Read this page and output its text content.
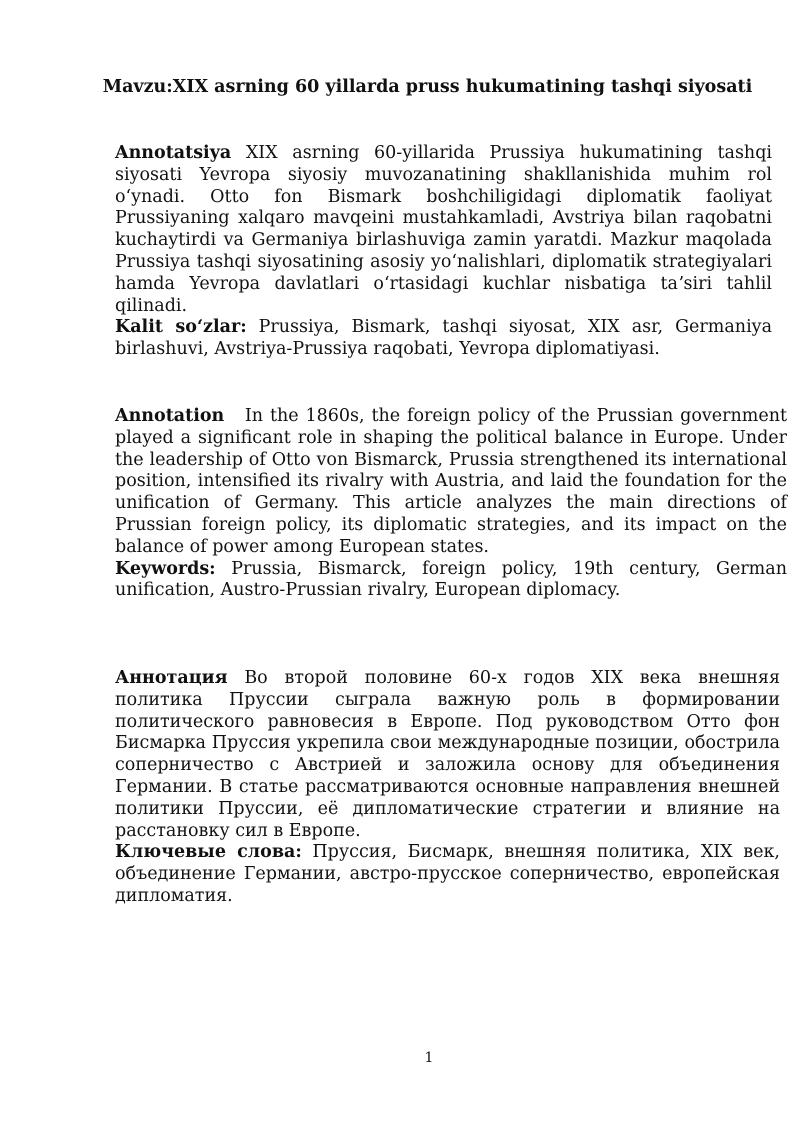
Mavzu:XIX asrning 60 yillarda pruss hukumatining tashqi siyosati

Annotatsiya XIX asrning 60-yillarida Prussiya hukumatining tashqi siyosati Yevropa siyosiy muvozanatining shakllanishida muhim rol oʻynadi. Otto fon Bismark boshchiligidagi diplomatik faoliyat Prussiyaning xalqaro mavqeini mustahkamladi, Avstriya bilan raqobatni kuchaytirdi va Germaniya birlashuviga zamin yaratdi. Mazkur maqolada Prussiya tashqi siyosatining asosiy yoʻnalishlari, diplomatik strategiyalari hamda Yevropa davlatlari oʻrtasidagi kuchlar nisbatiga taʼsiri tahlil qilinadi.

Kalit soʻzlar: Prussiya, Bismark, tashqi siyosat, XIX asr, Germaniya birlashuvi, Avstriya-Prussiya raqobati, Yevropa diplomatiyasi.

Annotation In the 1860s, the foreign policy of the Prussian government played a significant role in shaping the political balance in Europe. Under the leadership of Otto von Bismarck, Prussia strengthened its international position, intensified its rivalry with Austria, and laid the foundation for the unification of Germany. This article analyzes the main directions of Prussian foreign policy, its diplomatic strategies, and its impact on the balance of power among European states.

Keywords: Prussia, Bismarck, foreign policy, 19th century, German unification, Austro-Prussian rivalry, European diplomacy.

Аннотация Во второй половине 60-х годов XIX века внешняя политика Пруссии сыграла важную роль в формировании политического равновесия в Европе. Под руководством Отто фон Бисмарка Пруссия укрепила свои международные позиции, обострила соперничество с Австрией и заложила основу для объединения Германии. В статье рассматриваются основные направления внешней политики Пруссии, её дипломатические стратегии и влияние на расстановку сил в Европе.

Ключевые слова: Пруссия, Бисмарк, внешняя политика, XIX век, объединение Германии, австро-прусское соперничество, европейская дипломатия.

1
